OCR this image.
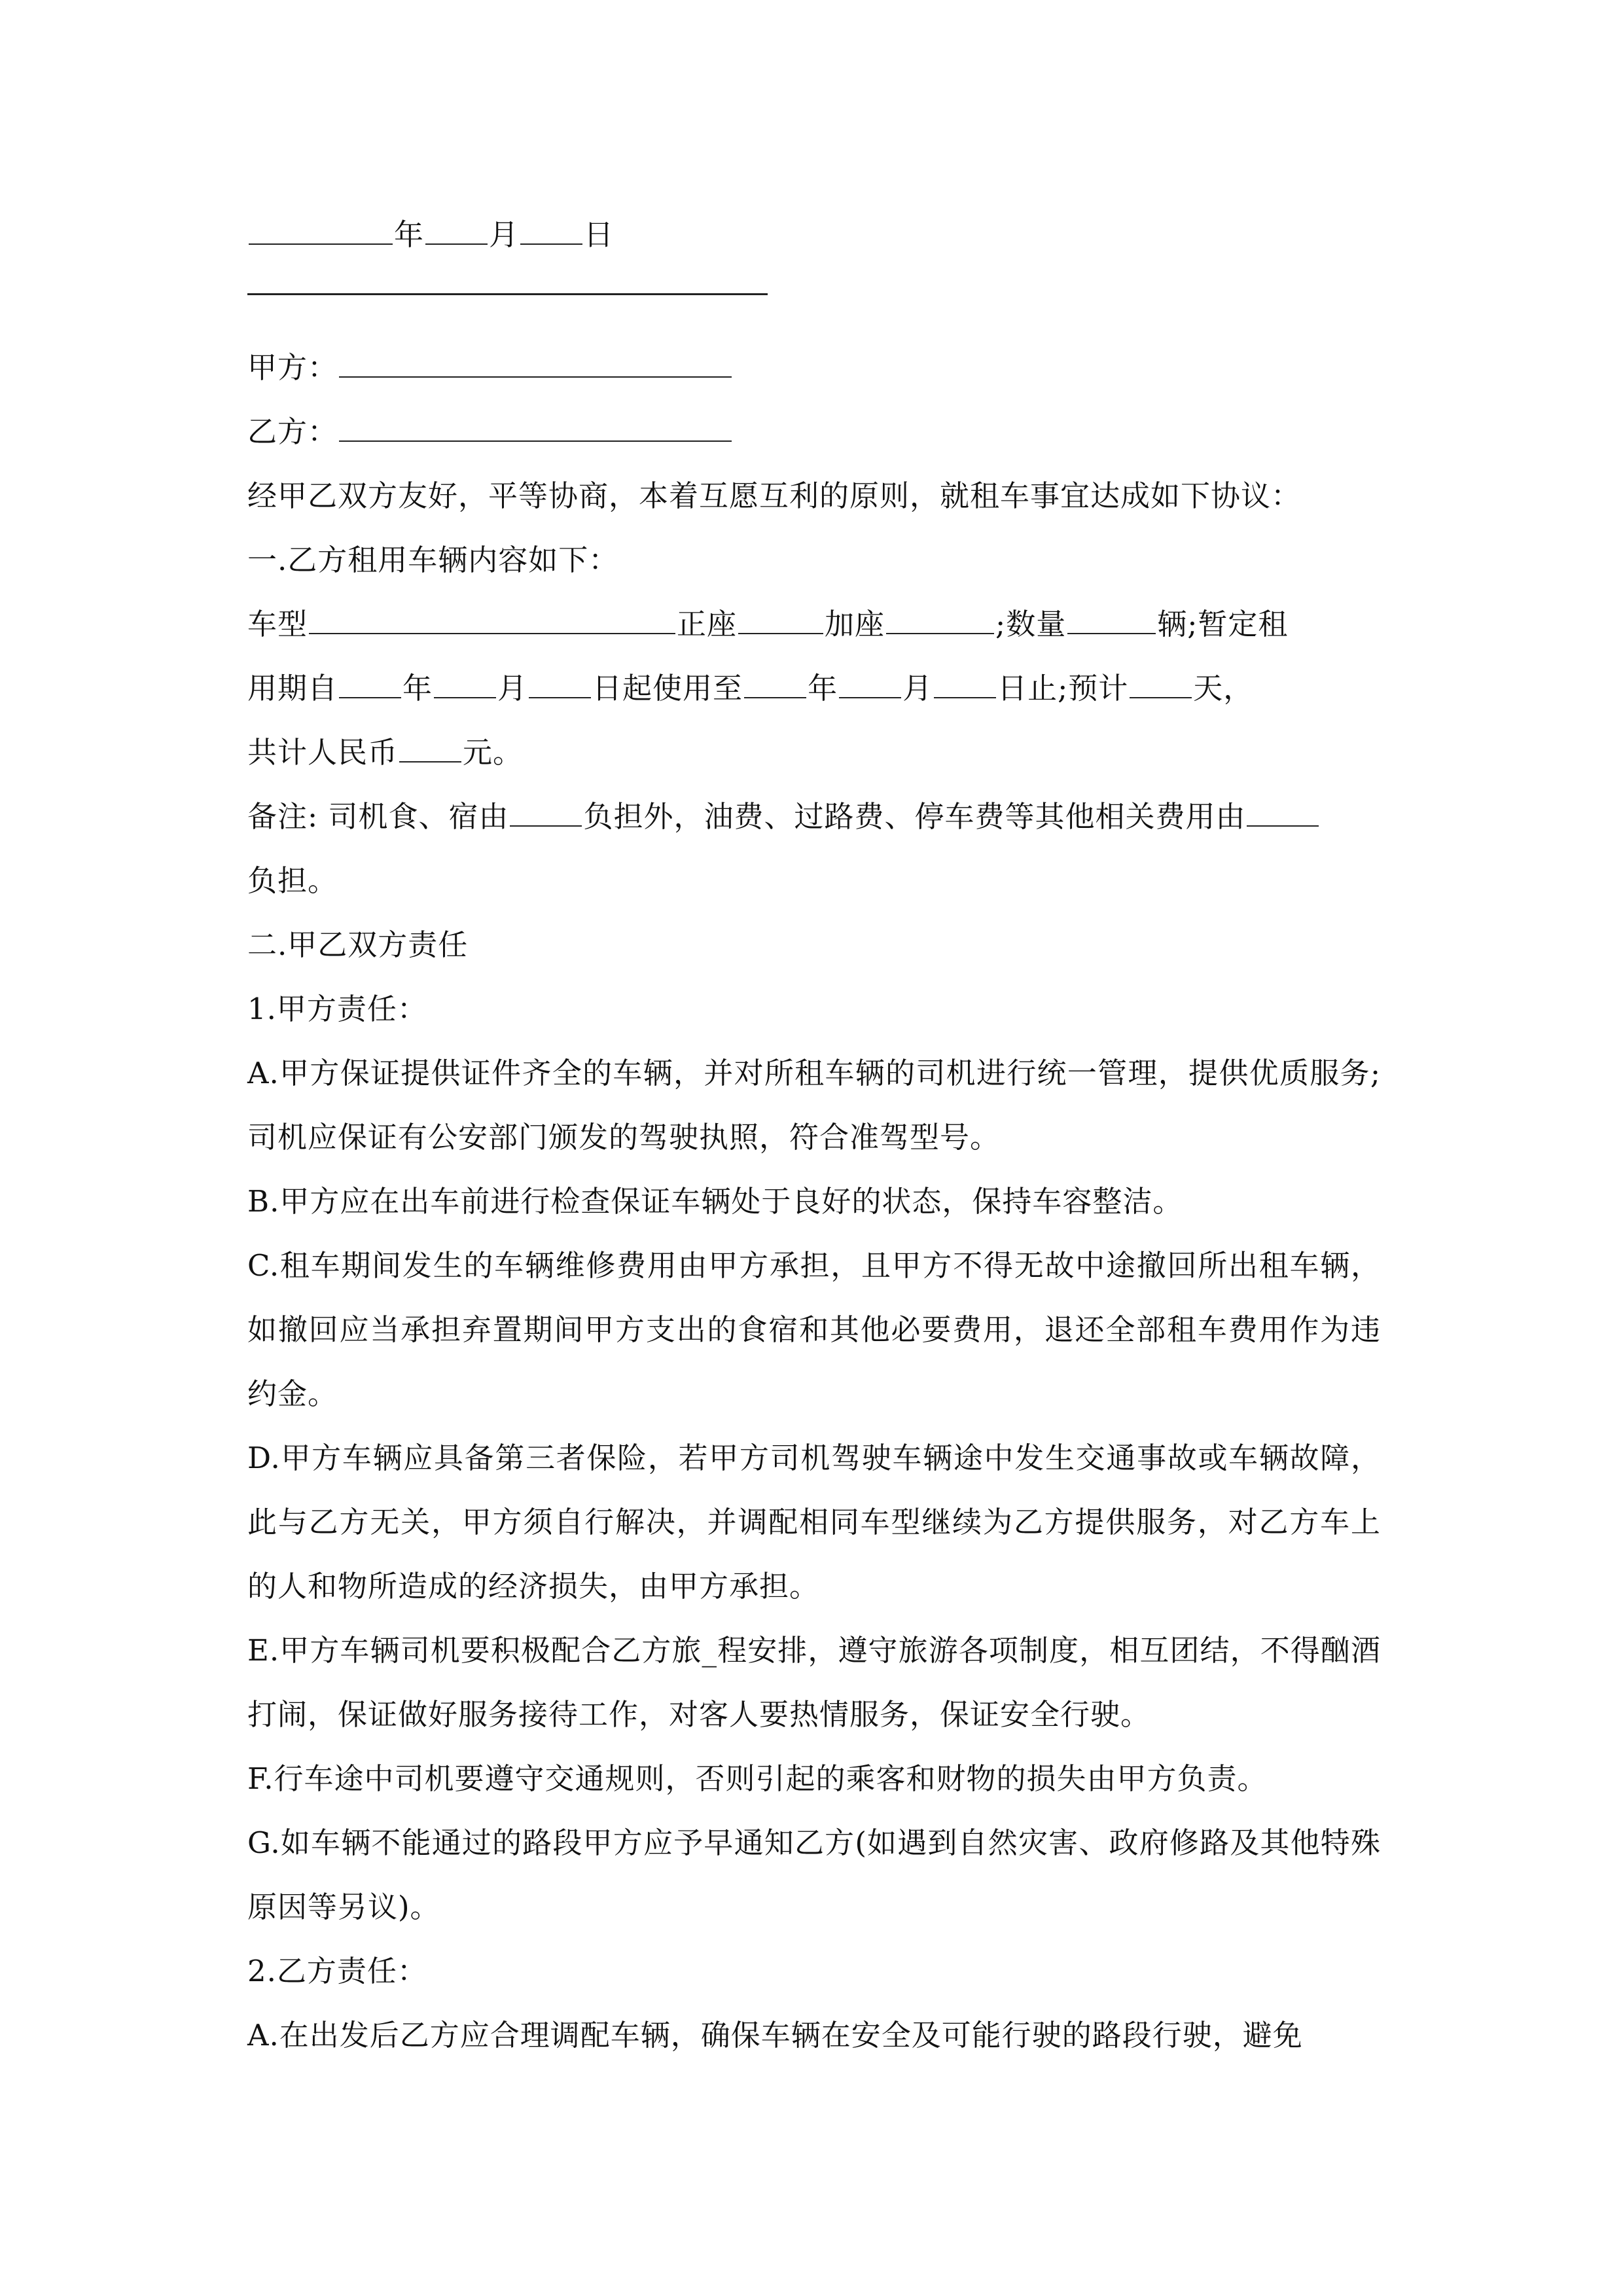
年 月 日
甲方：
乙方：
经甲乙双方友好，平等协商，本着互愿互利的原则，就租车事宜达成如下协议：
一.乙方租用车辆内容如下：
车型	正座	加座	;数量	辆;暂定租
用期自 年 月 日起使用至 年 月 日止;预计 天，
共计人民币 元。
备注: 司机食、宿由	负担外，油费、过路费、停车费等其他相关费用由
负担。
二.甲乙双方责任
1.甲方责任：

A.甲方保证提供证件齐全的车辆，并对所租车辆的司机进行统一管理，提供优质服务;司机应保证有公安部门颁发的驾驶执照，符合准驾型号。

B.甲方应在出车前进行检查保证车辆处于良好的状态，保持车容整洁。

C.租车期间发生的车辆维修费用由甲方承担，且甲方不得无故中途撤回所出租车辆，如撤回应当承担弃置期间甲方支出的食宿和其他必要费用，退还全部租车费用作为违约金。

D.甲方车辆应具备第三者保险，若甲方司机驾驶车辆途中发生交通事故或车辆故障，此与乙方无关，甲方须自行解决，并调配相同车型继续为乙方提供服务，对乙方车上的人和物所造成的经济损失，由甲方承担。

E.甲方车辆司机要积极配合乙方旅_程安排，遵守旅游各项制度，相互团结，不得酗酒打闹，保证做好服务接待工作，对客人要热情服务，保证安全行驶。

F.行车途中司机要遵守交通规则，否则引起的乘客和财物的损失由甲方负责。

G.如车辆不能通过的路段甲方应予早通知乙方(如遇到自然灾害、政府修路及其他特殊原因等另议)。

2.乙方责任：

A.在出发后乙方应合理调配车辆，确保车辆在安全及可能行驶的路段行驶，避免
